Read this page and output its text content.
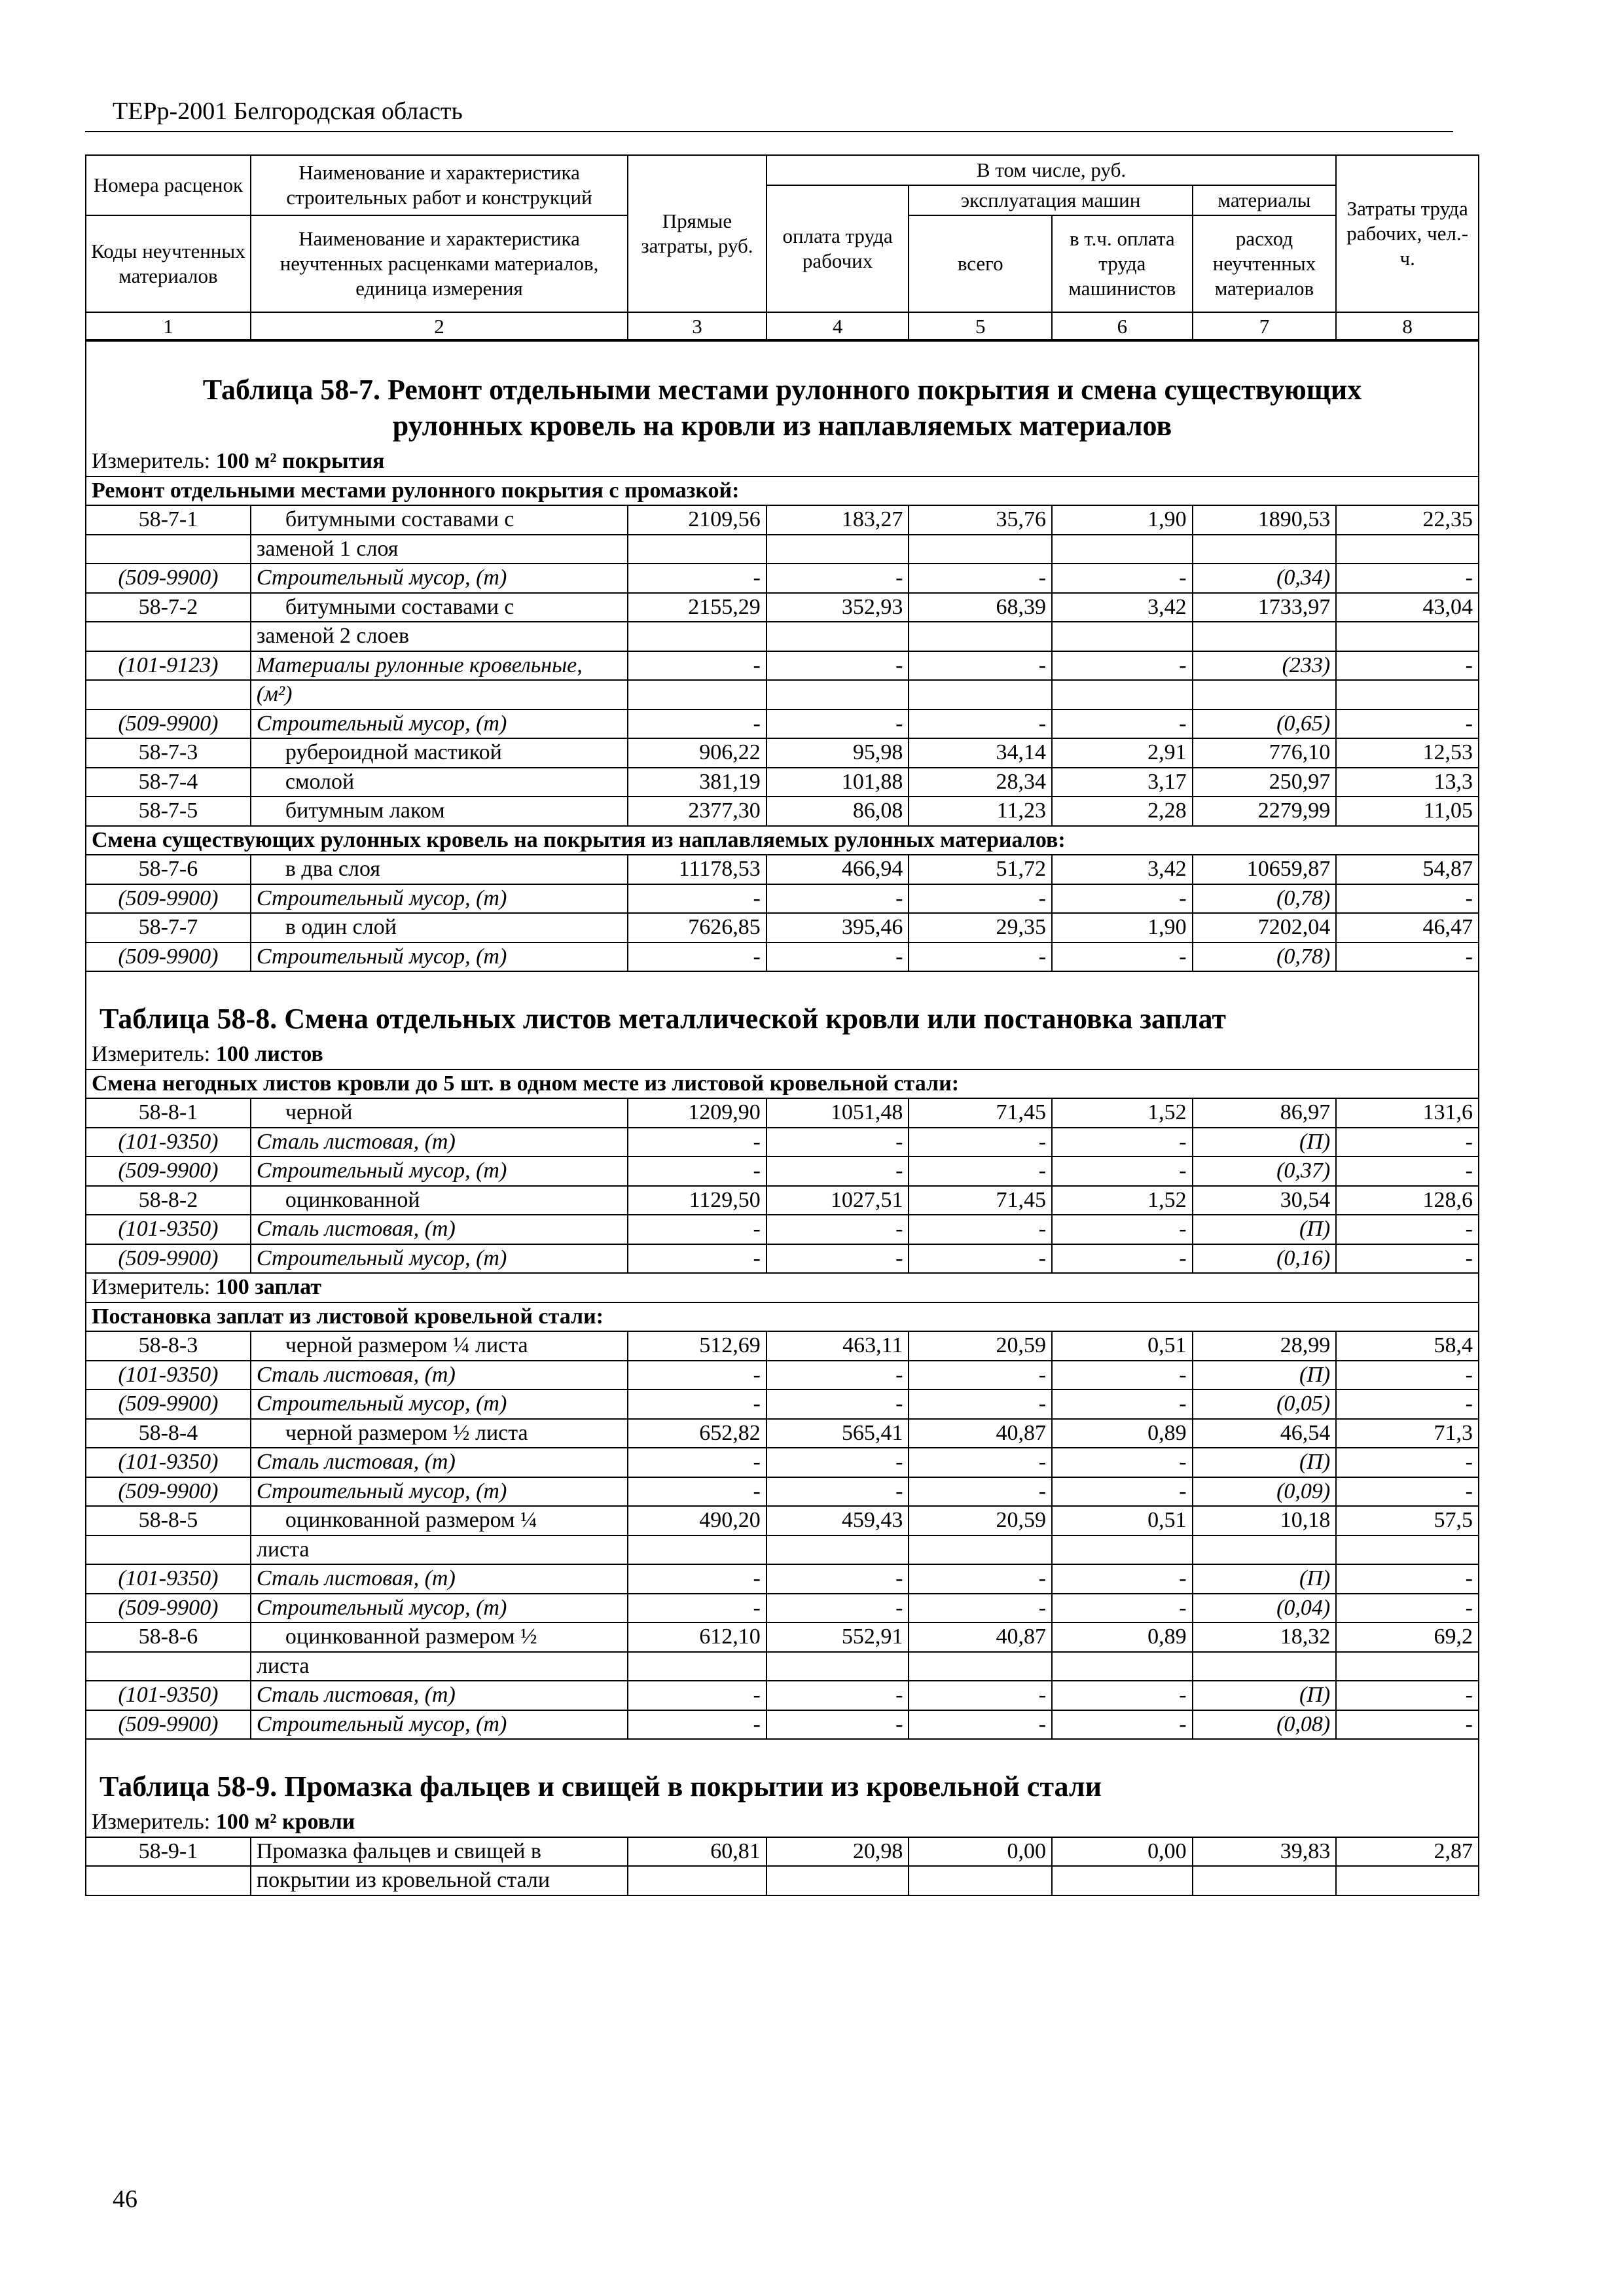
ТЕРр-2001 Белгородская область
Номера расценок	Наименование и характеристика строительных работ и конструкций	Прямые затраты, руб.	В том числе, руб.				Затраты труда рабочих, чел.-ч.
			оплата труда рабочих	эксплуатация машин		материалы	
Коды неучтенных материалов	Наименование и характеристика неучтенных расценками материалов, единица измерения			всего	в т.ч. оплата труда машинистов	расход неучтенных материалов	

1	2	3	4	5	6	7	8
Таблица 58-7. Ремонт отдельными местами рулонного покрытия и смена существующих
рулонных кровель на кровли из наплавляемых материалов							

Измеритель: 100 м² покрытия							
Ремонт отдельными местами рулонного покрытия с промазкой:							
58-7-1	битумными составами с	2109,56	183,27	35,76	1,90	1890,53	22,35
	заменой 1 слоя						
(509-9900)	Строительный мусор, (т)	-	-	-	-	(0,34)	-
58-7-2	битумными составами с	2155,29	352,93	68,39	3,42	1733,97	43,04
	заменой 2 слоев						
(101-9123)	Материалы рулонные кровельные,	-	-	-	-	(233)	-
	(м²)						
(509-9900)	Строительный мусор, (т)	-	-	-	-	(0,65)	-
58-7-3	рубероидной мастикой	906,22	95,98	34,14	2,91	776,10	12,53
58-7-4	смолой	381,19	101,88	28,34	3,17	250,97	13,3
58-7-5	битумным лаком	2377,30	86,08	11,23	2,28	2279,99	11,05
Смена существующих рулонных кровель на покрытия из наплавляемых рулонных материалов:							
58-7-6	в два слоя	11178,53	466,94	51,72	3,42	10659,87	54,87
(509-9900)	Строительный мусор, (т)	-	-	-	-	(0,78)	-
58-7-7	в один слой	7626,85	395,46	29,35	1,90	7202,04	46,47
(509-9900)	Строительный мусор, (т)	-	-	-	-	(0,78)	-

Таблица 58-8. Смена отдельных листов металлической кровли или постановка заплат							

Измеритель: 100 листов							
Смена негодных листов кровли до 5 шт. в одном месте из листовой кровельной стали:							
58-8-1	черной	1209,90	1051,48	71,45	1,52	86,97	131,6
(101-9350)	Сталь листовая, (т)	-	-	-	-	(П)	-
(509-9900)	Строительный мусор, (т)	-	-	-	-	(0,37)	-
58-8-2	оцинкованной	1129,50	1027,51	71,45	1,52	30,54	128,6
(101-9350)	Сталь листовая, (т)	-	-	-	-	(П)	-
(509-9900)	Строительный мусор, (т)	-	-	-	-	(0,16)	-
Измеритель: 100 заплат							
Постановка заплат из листовой кровельной стали:							
58-8-3	черной размером ¼ листа	512,69	463,11	20,59	0,51	28,99	58,4
(101-9350)	Сталь листовая, (т)	-	-	-	-	(П)	-
(509-9900)	Строительный мусор, (т)	-	-	-	-	(0,05)	-
58-8-4	черной размером ½ листа	652,82	565,41	40,87	0,89	46,54	71,3
(101-9350)	Сталь листовая, (т)	-	-	-	-	(П)	-
(509-9900)	Строительный мусор, (т)	-	-	-	-	(0,09)	-
58-8-5	оцинкованной размером ¼	490,20	459,43	20,59	0,51	10,18	57,5
	листа						
(101-9350)	Сталь листовая, (т)	-	-	-	-	(П)	-
(509-9900)	Строительный мусор, (т)	-	-	-	-	(0,04)	-
58-8-6	оцинкованной размером ½	612,10	552,91	40,87	0,89	18,32	69,2
	листа						
(101-9350)	Сталь листовая, (т)	-	-	-	-	(П)	-
(509-9900)	Строительный мусор, (т)	-	-	-	-	(0,08)	-

Таблица 58-9. Промазка фальцев и свищей в покрытии из кровельной стали							

Измеритель: 100 м² кровли							
58-9-1	Промазка фальцев и свищей в	60,81	20,98	0,00	0,00	39,83	2,87
	покрытии из кровельной стали						
46
